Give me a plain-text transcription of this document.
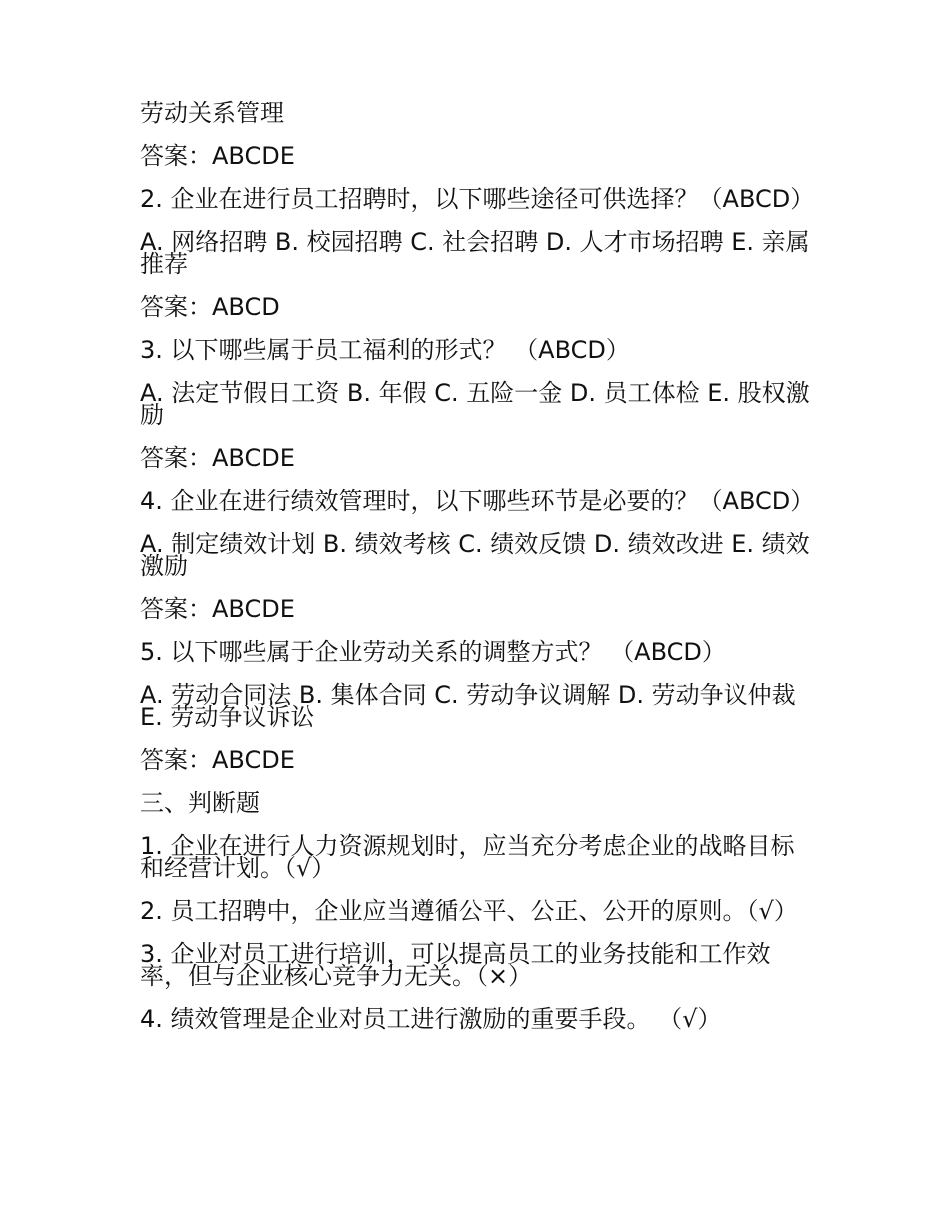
劳动关系管理

答案：ABCDE

2. 企业在进行员工招聘时，以下哪些途径可供选择？（ABCD）

A. 网络招聘 B. 校园招聘 C. 社会招聘 D. 人才市场招聘 E. 亲属推荐

答案：ABCD

3. 以下哪些属于员工福利的形式？ （ABCD）

A. 法定节假日工资 B. 年假 C. 五险一金 D. 员工体检 E. 股权激励

答案：ABCDE

4. 企业在进行绩效管理时，以下哪些环节是必要的？（ABCD）

A. 制定绩效计划 B. 绩效考核 C. 绩效反馈 D. 绩效改进 E. 绩效激励

答案：ABCDE

5. 以下哪些属于企业劳动关系的调整方式？ （ABCD）

A. 劳动合同法 B. 集体合同 C. 劳动争议调解 D. 劳动争议仲裁 E. 劳动争议诉讼

答案：ABCDE

三、判断题

1. 企业在进行人力资源规划时，应当充分考虑企业的战略目标和经营计划。（√）

2. 员工招聘中，企业应当遵循公平、公正、公开的原则。（√）

3. 企业对员工进行培训，可以提高员工的业务技能和工作效率，但与企业核心竞争力无关。（×）

4. 绩效管理是企业对员工进行激励的重要手段。 （√）
